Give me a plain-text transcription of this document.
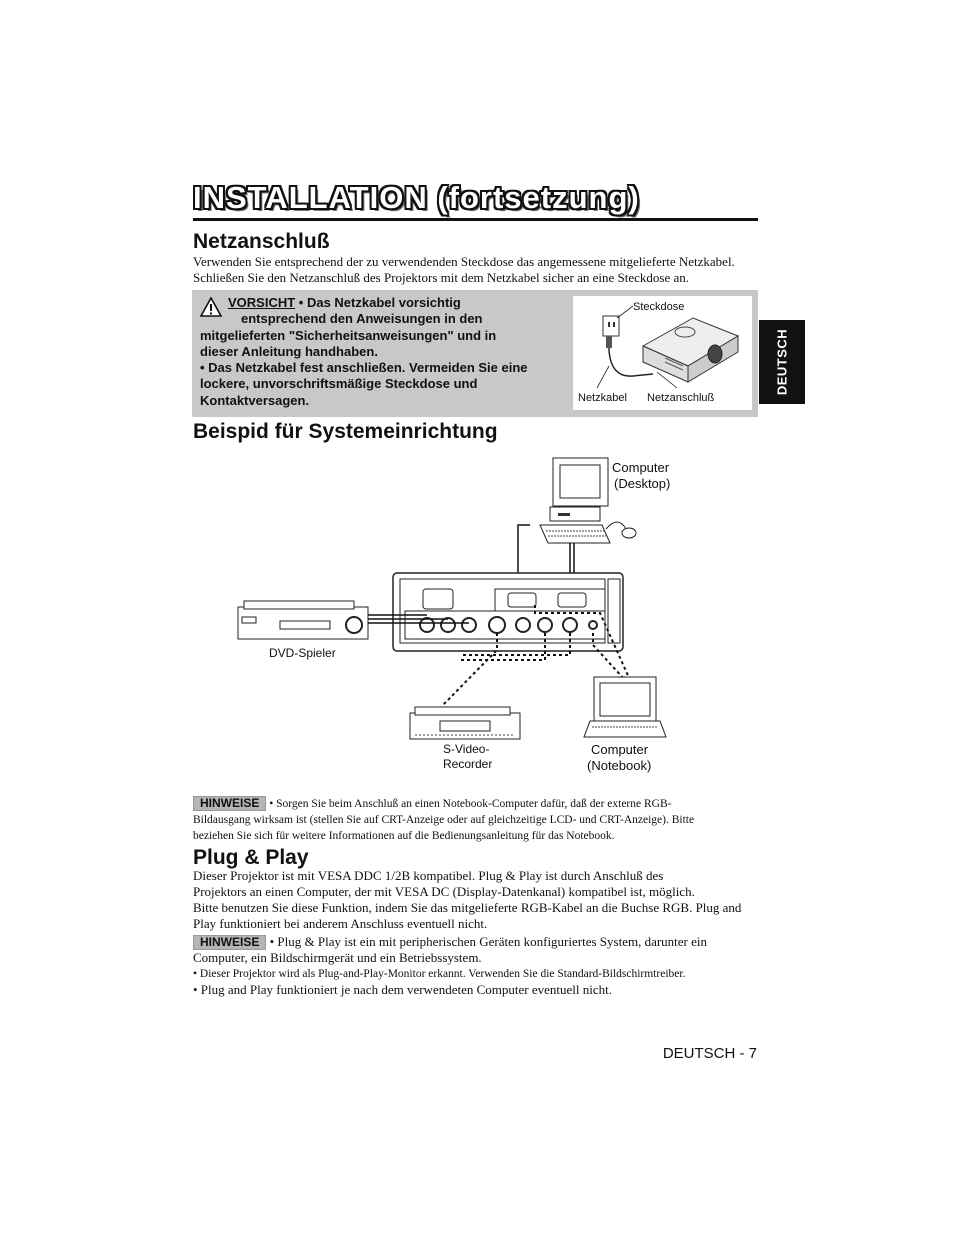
INSTALLATION (fortsetzung)
Netzanschluß
Verwenden Sie entsprechend der zu verwendenden Steckdose das angemessene mitgelieferte Netzkabel.
Schließen Sie den Netzanschluß des Projektors mit dem Netzkabel sicher an eine Steckdose an.
VORSICHT • Das Netzkabel vorsichtig
entsprechend den Anweisungen in den
mitgelieferten "Sicherheitsanweisungen" und in
dieser Anleitung handhaben.
• Das Netzkabel fest anschließen. Vermeiden Sie eine
lockere, unvorschriftsmäßige Steckdose und
Kontaktversagen.
Steckdose
Netzkabel Netzanschluß
DEUTSCH
Beispid für Systemeinrichtung
Computer
(Desktop)
DVD-Spieler
S-Video-
Recorder
Computer
(Notebook)
HINWEISE • Sorgen Sie beim Anschluß an einen Notebook-Computer dafür, daß der externe RGB-
Bildausgang wirksam ist (stellen Sie auf CRT-Anzeige oder auf gleichzeitige LCD- und CRT-Anzeige). Bitte
beziehen Sie sich für weitere Informationen auf die Bedienungsanleitung für das Notebook.
Plug & Play
Dieser Projektor ist mit VESA DDC 1/2B kompatibel. Plug & Play ist durch Anschluß des
Projektors an einen Computer, der mit VESA DC (Display-Datenkanal) kompatibel ist, möglich.
Bitte benutzen Sie diese Funktion, indem Sie das mitgelieferte RGB-Kabel an die Buchse RGB. Plug and
Play funktioniert bei anderem Anschluss eventuell nicht.
HINWEISE • Plug & Play ist ein mit peripherischen Geräten konfiguriertes System, darunter ein
Computer, ein Bildschirmgerät und ein Betriebssystem.
• Dieser Projektor wird als Plug-and-Play-Monitor erkannt. Verwenden Sie die Standard-Bildschirmtreiber.
• Plug and Play funktioniert je nach dem verwendeten Computer eventuell nicht.
DEUTSCH - 7
